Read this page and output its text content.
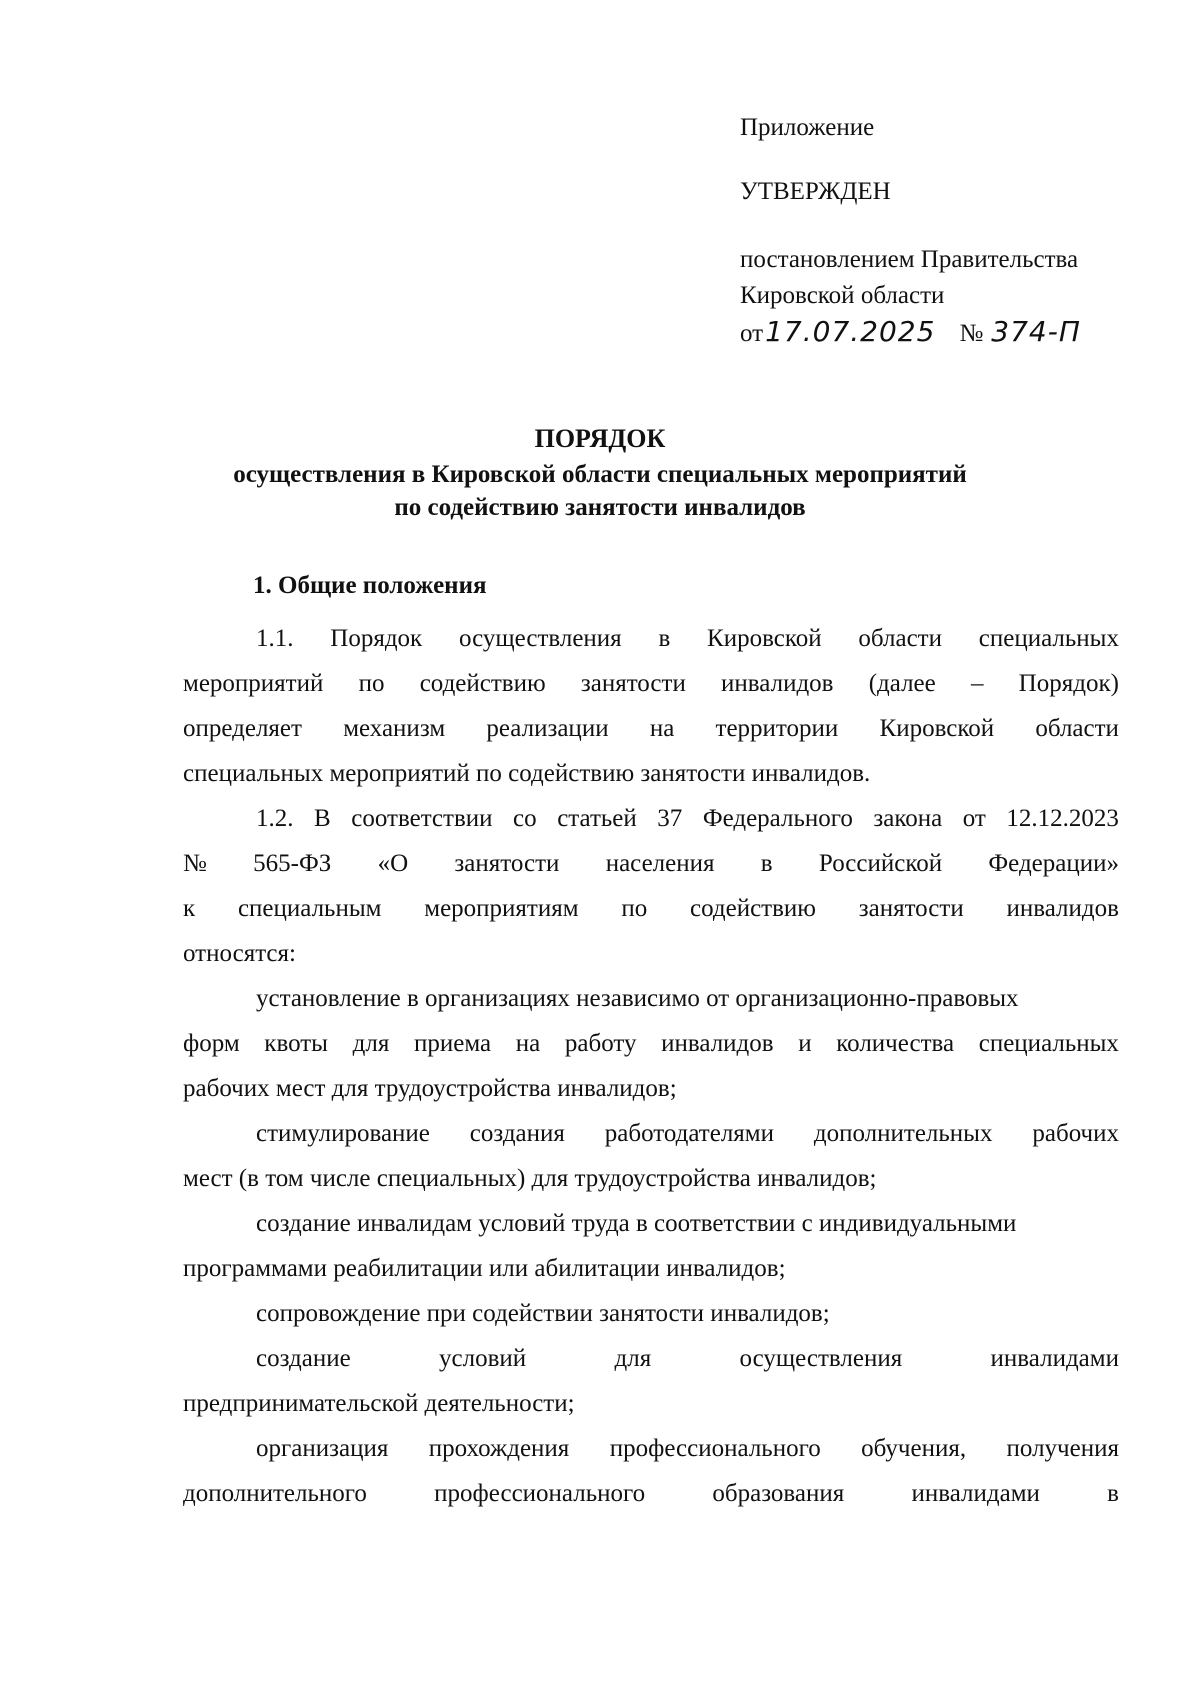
Приложение
УТВЕРЖДЕН
постановлением Правительства
Кировской области
от17.07.2025 № 374-П
ПОРЯДОК
осуществления в Кировской области специальных мероприятий
по содействию занятости инвалидов
1. Общие положения
1.1. Порядок осуществления в Кировской области специальных
мероприятий по содействию занятости инвалидов (далее – Порядок)
определяет механизм реализации на территории Кировской области
специальных мероприятий по содействию занятости инвалидов.
1.2. В соответствии со статьей 37 Федерального закона от 12.12.2023
№ 565-ФЗ «О занятости населения в Российской Федерации»
к специальным мероприятиям по содействию занятости инвалидов
относятся:
установление в организациях независимо от организационно-правовых
форм квоты для приема на работу инвалидов и количества специальных
рабочих мест для трудоустройства инвалидов;
стимулирование создания работодателями дополнительных рабочих
мест (в том числе специальных) для трудоустройства инвалидов;
создание инвалидам условий труда в соответствии с индивидуальными
программами реабилитации или абилитации инвалидов;
сопровождение при содействии занятости инвалидов;
создание	условий	для	осуществления	инвалидами
предпринимательской деятельности;
организация прохождения профессионального обучения, получения
дополнительного	профессионального	образования	инвалидами	в
